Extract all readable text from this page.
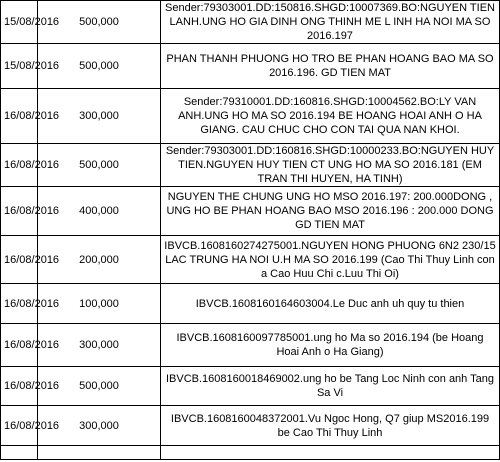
15/08/2016	500,000	Sender:79303001.DD:150816.SHGD:10007369.BO:NGUYEN TIEN LANH.UNG HO GIA DINH ONG THINH ME L INH HA NOI MA SO 2016.197
15/08/2016	500,000	PHAN THANH PHUONG HO TRO BE PHAN HOANG BAO MA SO 2016.196. GD TIEN MAT
16/08/2016	300,000	Sender:79310001.DD:160816.SHGD:10004562.BO:LY VAN ANH.UNG HO MA SO 2016.194 BE HOANG HOAI ANH O HA GIANG. CAU CHUC CHO CON TAI QUA NAN KHOI.
16/08/2016	500,000	Sender:79303001.DD:160816.SHGD:10000233.BO:NGUYEN HUY TIEN.NGUYEN HUY TIEN CT UNG HO MA SO 2016.181 (EM TRAN THI HUYEN, HA TINH)
16/08/2016	400,000	NGUYEN THE CHUNG UNG HO MSO 2016.197: 200.000DONG , UNG HO BE PHAN HOANG BAO MSO 2016.196 : 200.000 DONG GD TIEN MAT
16/08/2016	200,000	IBVCB.1608160274275001.NGUYEN HONG PHUONG 6N2 230/15 LAC TRUNG HA NOI U.H MA SO 2016.199 (Cao Thi Thuy Linh con a Cao Huu Chi c.Luu Thi Oi)
16/08/2016	100,000	IBVCB.1608160164603004.Le Duc anh uh quy tu thien
16/08/2016	300,000	IBVCB.1608160097785001.ung ho Ma so 2016.194 (be Hoang Hoai Anh o Ha Giang)
16/08/2016	500,000	IBVCB.1608160018469002.ung ho be Tang Loc Ninh con anh Tang Sa Vi
16/08/2016	300,000	IBVCB.1608160048372001.Vu Ngoc Hong, Q7 giup MS2016.199 be Cao Thi Thuy Linh
